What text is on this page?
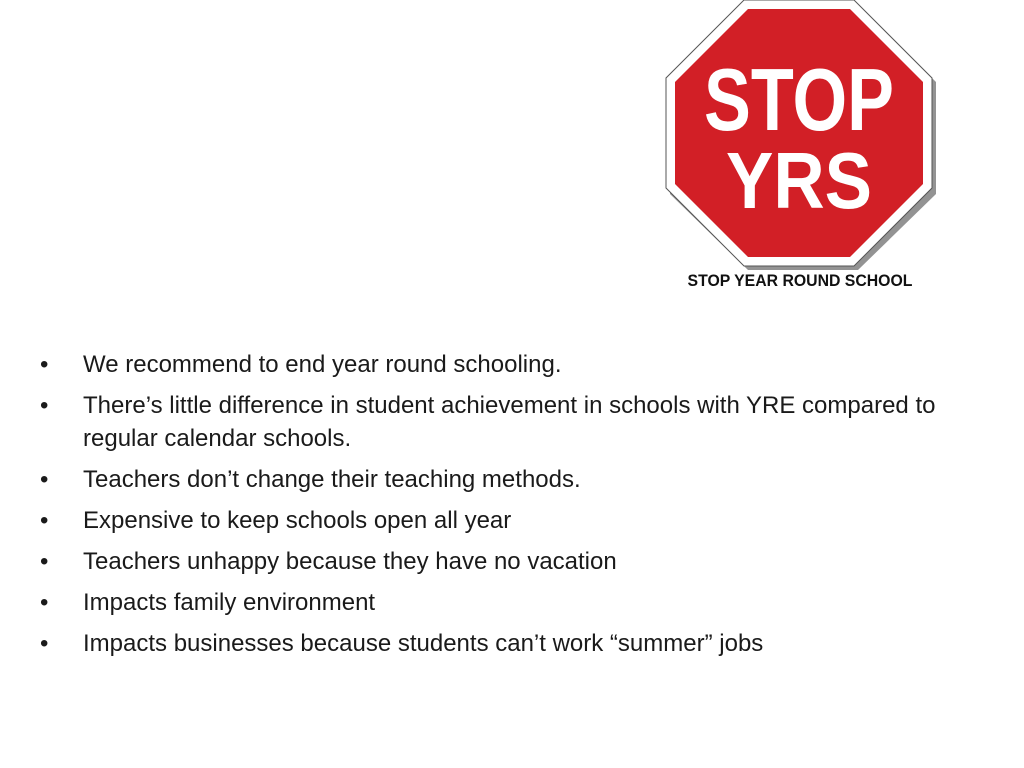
STOP
YRS
STOP YEAR ROUND SCHOOL
•	We recommend to end year round schooling.
•	There’s little difference in student achievement in schools with YRE compared to regular calendar schools.
•	Teachers don’t change their teaching methods.
•	Expensive to keep schools open all year
•	Teachers unhappy because they have no vacation
•	Impacts family environment
•	Impacts businesses because students can’t work “summer” jobs
